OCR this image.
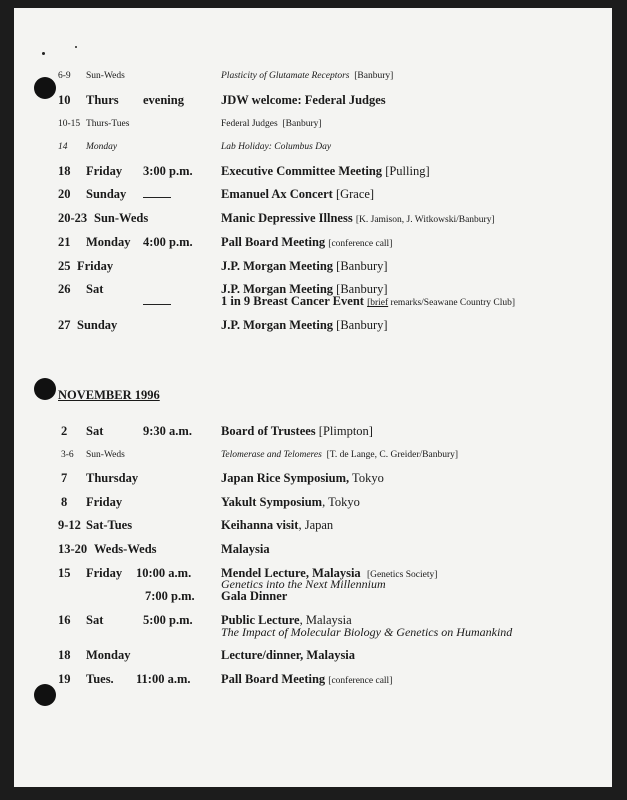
6-9 Sun-Weds	Plasticity of Glutamate Receptors [Banbury]
10 Thurs evening	JDW welcome: Federal Judges
10-15 Thurs-Tues	Federal Judges [Banbury]
14 Monday	Lab Holiday: Columbus Day
18 Friday 3:00 p.m. Executive Committee Meeting [Pulling]
20 Sunday	Emanuel Ax Concert [Grace]
20-23 Sun-Weds	Manic Depressive Illness [K. Jamison, J. Witkowski/Banbury]
21 Monday 4:00 p.m. Pall Board Meeting [conference call]
25 Friday	J.P. Morgan Meeting [Banbury]
26 Sat	J.P. Morgan Meeting [Banbury]
1 in 9 Breast Cancer Event [brief remarks/Seawane Country Club]
27 Sunday	J.P. Morgan Meeting [Banbury]
NOVEMBER 1996
2 Sat	9:30 a.m. Board of Trustees [Plimpton]
3-6 Sun-Weds	Telomerase and Telomeres [T. de Lange, C. Greider/Banbury]
7 Thursday	Japan Rice Symposium, Tokyo
8 Friday	Yakult Symposium, Tokyo
9-12 Sat-Tues	Keihanna visit, Japan
13-20 Weds-Weds	Malaysia
15 Friday 10:00 a.m. Mendel Lecture, Malaysia [Genetics Society]
Genetics into the Next Millennium
7:00 p.m. Gala Dinner
16 Sat	5:00 p.m. Public Lecture, Malaysia
The Impact of Molecular Biology & Genetics on Humankind
18 Monday	Lecture/dinner, Malaysia
19 Tues. 11:00 a.m. Pall Board Meeting [conference call]
